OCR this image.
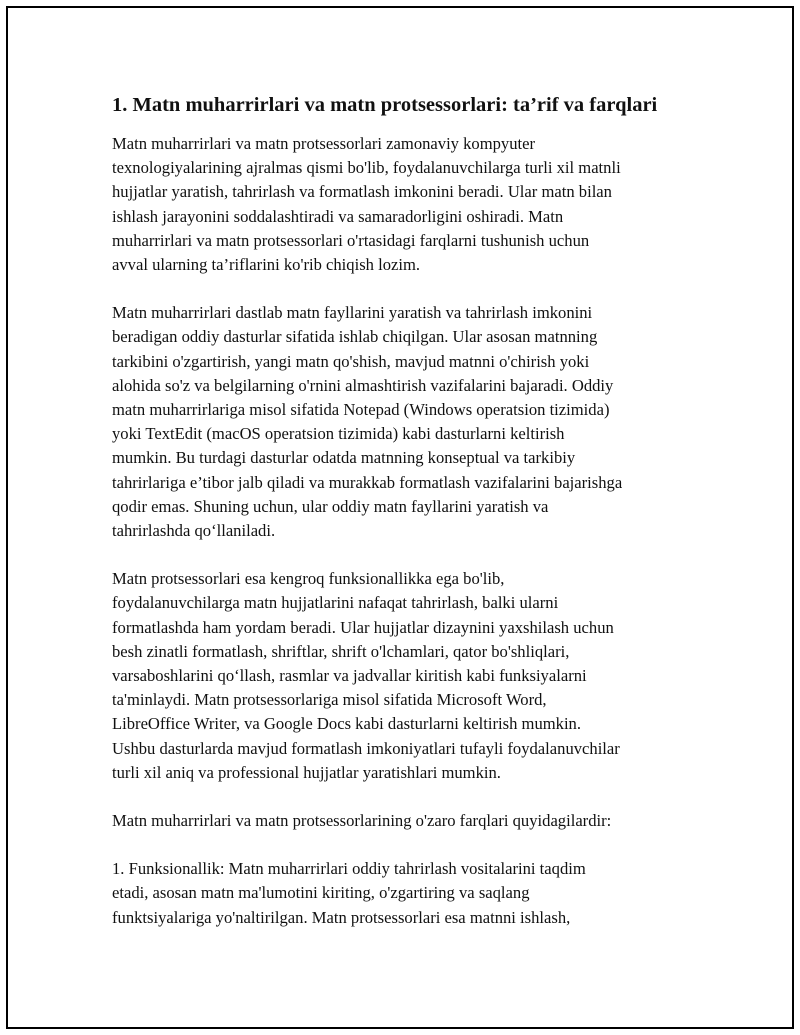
1. Matn muharrirlari va matn protsessorlari: ta’rif va farqlari
Matn muharrirlari va matn protsessorlari zamonaviy kompyuter
texnologiyalarining ajralmas qismi bo'lib, foydalanuvchilarga turli xil matnli
hujjatlar yaratish, tahrirlash va formatlash imkonini beradi. Ular matn bilan
ishlash jarayonini soddalashtiradi va samaradorligini oshiradi. Matn
muharrirlari va matn protsessorlari o'rtasidagi farqlarni tushunish uchun
avval ularning ta’riflarini ko'rib chiqish lozim.
Matn muharrirlari dastlab matn fayllarini yaratish va tahrirlash imkonini
beradigan oddiy dasturlar sifatida ishlab chiqilgan. Ular asosan matnning
tarkibini o'zgartirish, yangi matn qo'shish, mavjud matnni o'chirish yoki
alohida so'z va belgilarning o'rnini almashtirish vazifalarini bajaradi. Oddiy
matn muharrirlariga misol sifatida Notepad (Windows operatsion tizimida)
yoki TextEdit (macOS operatsion tizimida) kabi dasturlarni keltirish
mumkin. Bu turdagi dasturlar odatda matnning konseptual va tarkibiy
tahrirlariga e’tibor jalb qiladi va murakkab formatlash vazifalarini bajarishga
qodir emas. Shuning uchun, ular oddiy matn fayllarini yaratish va
tahrirlashda qo‘llaniladi.
Matn protsessorlari esa kengroq funksionallikka ega bo'lib,
foydalanuvchilarga matn hujjatlarini nafaqat tahrirlash, balki ularni
formatlashda ham yordam beradi. Ular hujjatlar dizaynini yaxshilash uchun
besh zinatli formatlash, shriftlar, shrift o'lchamlari, qator bo'shliqlari,
varsaboshlarini qo‘llash, rasmlar va jadvallar kiritish kabi funksiyalarni
ta'minlaydi. Matn protsessorlariga misol sifatida Microsoft Word,
LibreOffice Writer, va Google Docs kabi dasturlarni keltirish mumkin.
Ushbu dasturlarda mavjud formatlash imkoniyatlari tufayli foydalanuvchilar
turli xil aniq va professional hujjatlar yaratishlari mumkin.
Matn muharrirlari va matn protsessorlarining o'zaro farqlari quyidagilardir:
1. Funksionallik: Matn muharrirlari oddiy tahrirlash vositalarini taqdim
etadi, asosan matn ma'lumotini kiriting, o'zgartiring va saqlang
funktsiyalariga yo'naltirilgan. Matn protsessorlari esa matnni ishlash,
